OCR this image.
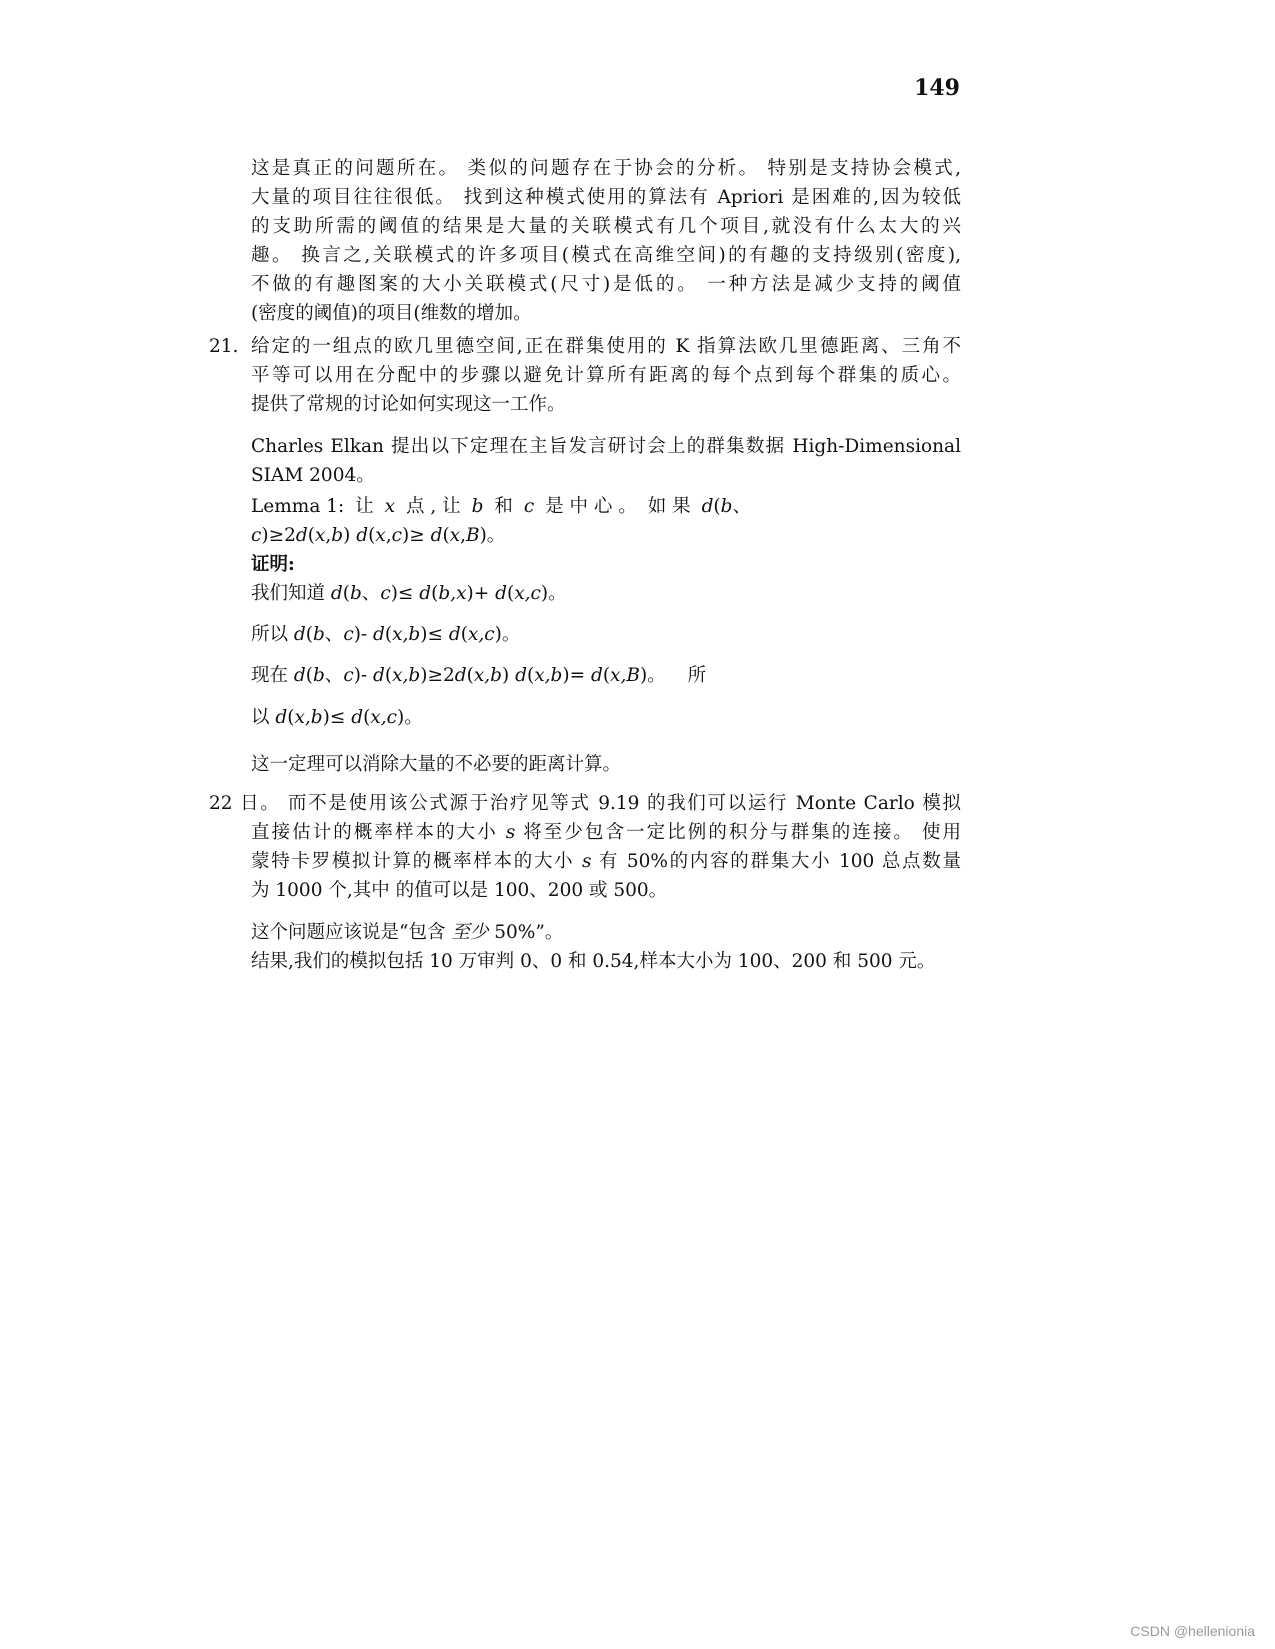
149
这是真正的问题所在。 类似的问题存在于协会的分析。 特别是支持协会模式,
大量的项目往往很低。 找到这种模式使用的算法有 Apriori 是困难的,因为较低
的支助所需的阈值的结果是大量的关联模式有几个项目,就没有什么太大的兴
趣。 换言之,关联模式的许多项目(模式在高维空间)的有趣的支持级别(密度),
不做的有趣图案的大小关联模式(尺寸)是低的。 一种方法是减少支持的阈值
(密度的阈值)的项目(维数的增加。
21. 给定的一组点的欧几里德空间,正在群集使用的 K 指算法欧几里德距离、三角不
平等可以用在分配中的步骤以避免计算所有距离的每个点到每个群集的质心。
提供了常规的讨论如何实现这一工作。
Charles Elkan 提出以下定理在主旨发言研讨会上的群集数据 High-Dimensional
SIAM 2004。
Lemma 1: 让 x 点 , 让 b 和 c 是 中 心 。 如 果 d(b、
c)≥2d(x,b) d(x,c)≥ d(x,B)。
证明:
我们知道 d(b、c)≤ d(b,x)+ d(x,c)。
所以 d(b、c)- d(x,b)≤ d(x,c)。
现在 d(b、c)- d(x,b)≥2d(x,b) d(x,b)= d(x,B)。 所
以 d(x,b)≤ d(x,c)。
这一定理可以消除大量的不必要的距离计算。
22 日。 而不是使用该公式源于治疗见等式 9.19 的我们可以运行 Monte Carlo 模拟
直接估计的概率样本的大小 s 将至少包含一定比例的积分与群集的连接。 使用
蒙特卡罗模拟计算的概率样本的大小 s 有 50%的内容的群集大小 100 总点数量
为 1000 个,其中 的值可以是 100、200 或 500。
这个问题应该说是“包含 至少 50%”。
结果,我们的模拟包括 10 万审判 0、0 和 0.54,样本大小为 100、200 和 500 元。
CSDN @hellenionia
